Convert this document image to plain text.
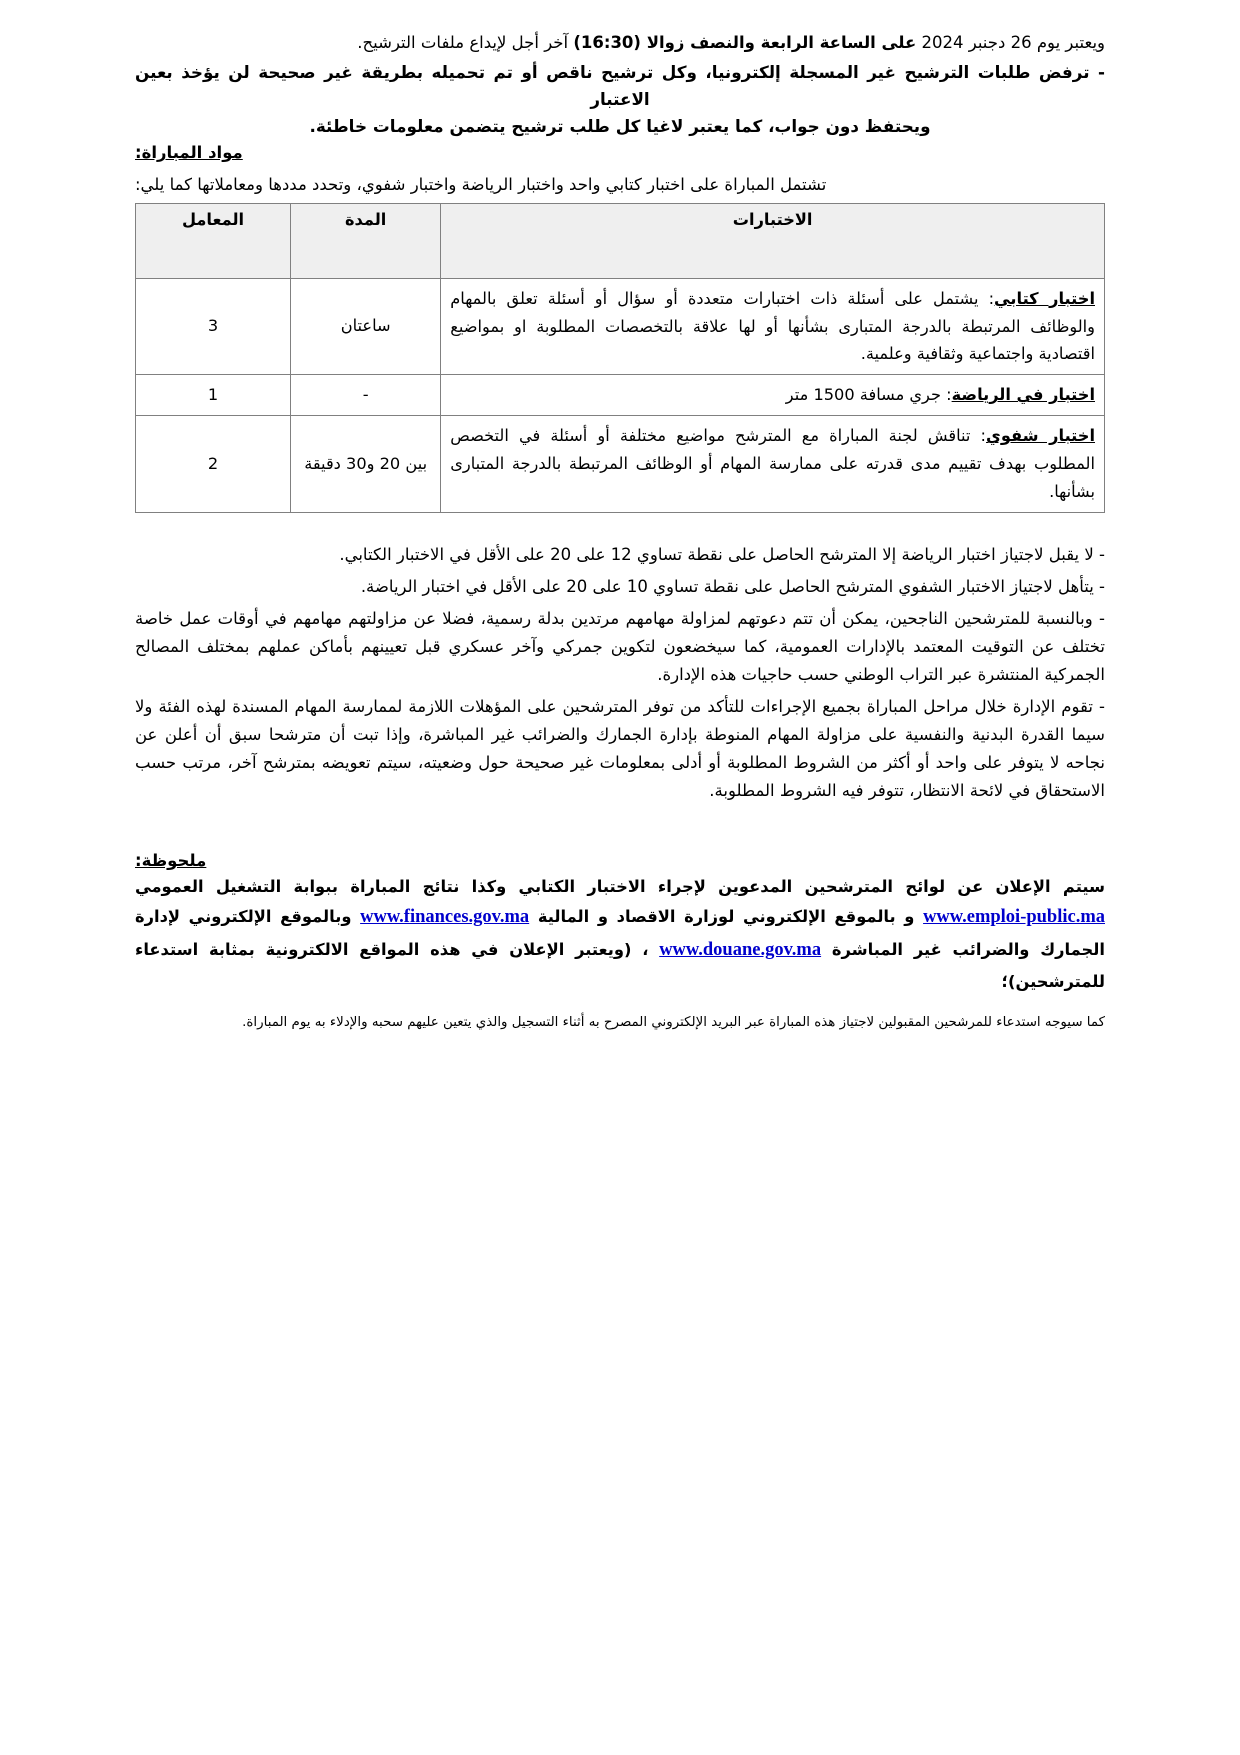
ويعتبر يوم 26 دجنبر 2024 على الساعة الرابعة والنصف زوالا (16:30) آخر أجل لإيداع ملفات الترشيح.

- ترفض طلبات الترشيح غير المسجلة إلكترونيا، وكل ترشيح ناقص أو تم تحميله بطريقة غير صحيحة لن يؤخذ بعين الاعتبار
ويحتفظ دون جواب، كما يعتبر لاغيا كل طلب ترشيح يتضمن معلومات خاطئة.

مواد المباراة:
تشتمل المباراة على اختبار كتابي واحد واختبار الرياضة واختبار شفوي، وتحدد مددها ومعاملاتها كما يلي:
الاختبارات	المدة	المعامل
اختبار كتابي: يشتمل على أسئلة ذات اختبارات متعددة أو سؤال أو أسئلة تعلق بالمهام والوظائف المرتبطة بالدرجة المتبارى بشأنها أو لها علاقة بالتخصصات المطلوبة او بمواضيع اقتصادية واجتماعية وثقافية وعلمية.	ساعتان	3
اختبار في الرياضة: جري مسافة 1500 متر	-	1
اختبار شفوي: تناقش لجنة المباراة مع المترشح مواضيع مختلفة أو أسئلة في التخصص المطلوب بهدف تقييم مدى قدرته على ممارسة المهام أو الوظائف المرتبطة بالدرجة المتبارى بشأنها.	بين 20 و30 دقيقة	2

- لا يقبل لاجتياز اختبار الرياضة إلا المترشح الحاصل على نقطة تساوي 12 على 20 على الأقل في الاختبار الكتابي.

- يتأهل لاجتياز الاختبار الشفوي المترشح الحاصل على نقطة تساوي 10 على 20 على الأقل في اختبار الرياضة.

- وبالنسبة للمترشحين الناجحين، يمكن أن تتم دعوتهم لمزاولة مهامهم مرتدين بدلة رسمية، فضلا عن مزاولتهم مهامهم في أوقات عمل خاصة تختلف عن التوقيت المعتمد بالإدارات العمومية، كما سيخضعون لتكوين جمركي وآخر عسكري قبل تعيينهم بأماكن عملهم بمختلف المصالح الجمركية المنتشرة عبر التراب الوطني حسب حاجيات هذه الإدارة.

- تقوم الإدارة خلال مراحل المباراة بجميع الإجراءات للتأكد من توفر المترشحين على المؤهلات اللازمة لممارسة المهام المسندة لهذه الفئة ولا سيما القدرة البدنية والنفسية على مزاولة المهام المنوطة بإدارة الجمارك والضرائب غير المباشرة، وإذا تبت أن مترشحا سبق أن أعلن عن نجاحه لا يتوفر على واحد أو أكثر من الشروط المطلوبة أو أدلى بمعلومات غير صحيحة حول وضعيته، سيتم تعويضه بمترشح آخر، مرتب حسب الاستحقاق في لائحة الانتظار، تتوفر فيه الشروط المطلوبة.

ملحوظة:

سيتم الإعلان عن لوائح المترشحين المدعوين لإجراء الاختبار الكتابي وكذا نتائج المباراة ببوابة التشغيل العمومي www.emploi-public.ma و بالموقع الإلكتروني لوزارة الاقصاد و المالية www.finances.gov.ma وبالموقع الإلكتروني لإدارة الجمارك والضرائب غير المباشرة www.douane.gov.ma ، (ويعتبر الإعلان في هذه المواقع الالكترونية بمثابة استدعاء للمترشحين)؛

كما سيوجه استدعاء للمرشحين المقبولين لاجتياز هذه المباراة عبر البريد الإلكتروني المصرح به أثناء التسجيل والذي يتعين عليهم سحبه والإدلاء به يوم المباراة.
